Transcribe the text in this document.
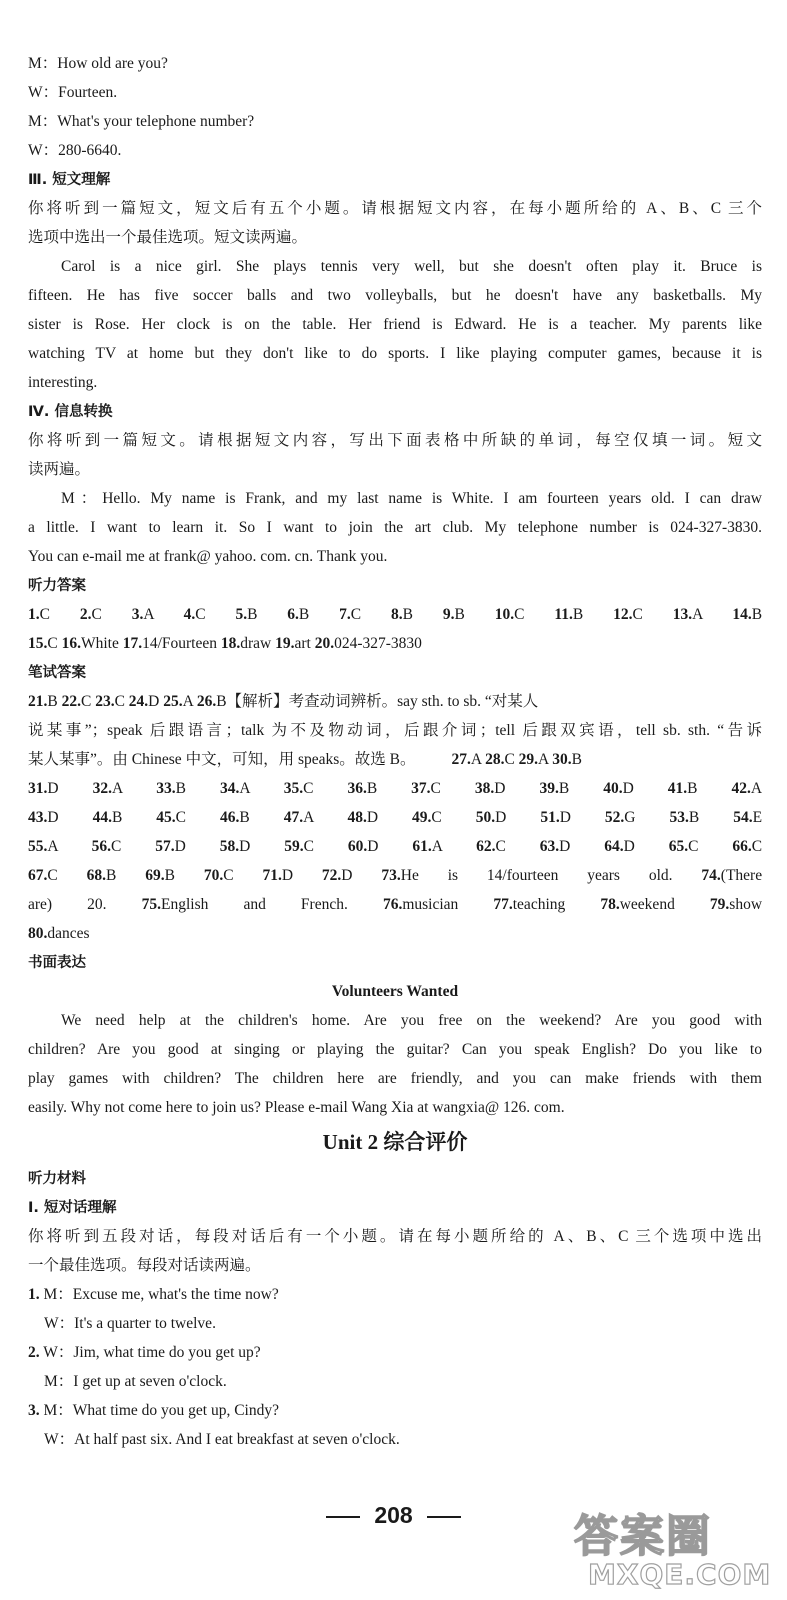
M：How old are you?
W：Fourteen.
M：What's your telephone number?
W：280-6640.
Ⅲ. 短文理解
你将听到一篇短文，短文后有五个小题。请根据短文内容，在每小题所给的 A、B、C 三个
选项中选出一个最佳选项。短文读两遍。
Carol is a nice girl. She plays tennis very well, but she doesn't often play it. Bruce is
fifteen. He has five soccer balls and two volleyballs, but he doesn't have any basketballs. My
sister is Rose. Her clock is on the table. Her friend is Edward. He is a teacher. My parents like
watching TV at home but they don't like to do sports. I like playing computer games, because it is
interesting.
Ⅳ. 信息转换
你将听到一篇短文。请根据短文内容，写出下面表格中所缺的单词，每空仅填一词。短文
读两遍。
M：Hello. My name is Frank, and my last name is White. I am fourteen years old. I can draw
a little. I want to learn it. So I want to join the art club. My telephone number is 024-327-3830.
You can e-mail me at frank@ yahoo. com. cn. Thank you.
听力答案
1.C 2.C 3.A 4.C 5.B 6.B 7.C 8.B 9.B 10.C 11.B 12.C 13.A 14.B
15.C 16.White 17.14/Fourteen 18.draw 19.art 20.024-327-3830
笔试答案
21.B 22.C 23.C 24.D 25.A 26.B【解析】考查动词辨析。say sth. to sb. “对某人
说某事”；speak 后跟语言；talk 为不及物动词，后跟介词；tell 后跟双宾语，tell sb. sth. “告诉
某人某事”。由 Chinese 中文，可知，用 speaks。故选 B。 27.A 28.C 29.A 30.B
31.D 32.A 33.B 34.A 35.C 36.B 37.C 38.D 39.B 40.D 41.B 42.A
43.D 44.B 45.C 46.B 47.A 48.D 49.C 50.D 51.D 52.G 53.B 54.E
55.A 56.C 57.D 58.D 59.C 60.D 61.A 62.C 63.D 64.D 65.C 66.C
67.C 68.B 69.B 70.C 71.D 72.D 73.He is 14/fourteen years old. 74.(There
are) 20. 75.English and French. 76.musician 77.teaching 78.weekend 79.show
80.dances
书面表达
Volunteers Wanted
We need help at the children's home. Are you free on the weekend? Are you good with
children? Are you good at singing or playing the guitar? Can you speak English? Do you like to
play games with children? The children here are friendly, and you can make friends with them
easily. Why not come here to join us? Please e-mail Wang Xia at wangxia@ 126. com.
Unit 2 综合评价
听力材料
Ⅰ. 短对话理解
你将听到五段对话，每段对话后有一个小题。请在每小题所给的 A、B、C 三个选项中选出
一个最佳选项。每段对话读两遍。
1. M：Excuse me, what's the time now?
W：It's a quarter to twelve.
2. W：Jim, what time do you get up?
M：I get up at seven o'clock.
3. M：What time do you get up, Cindy?
W：At half past six. And I eat breakfast at seven o'clock.
208	答案圈
MXQE.COM
